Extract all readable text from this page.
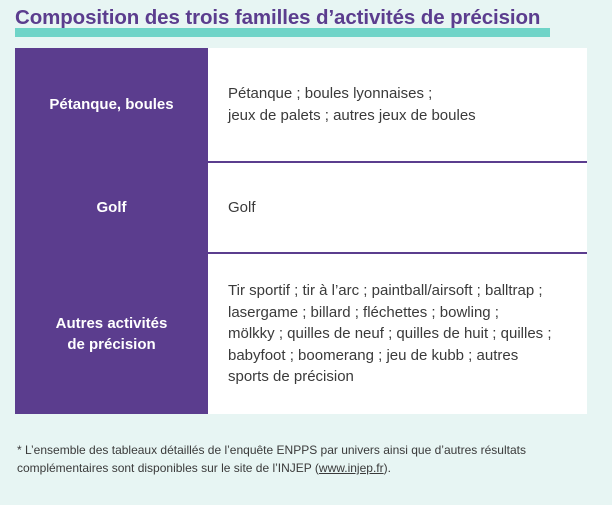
Composition des trois familles d’activités de précision
Pétanque, boules
Pétanque ; boules lyonnaises ;
jeux de palets ; autres jeux de boules
Golf	Golf
Autres activités
de précision
Tir sportif ; tir à l’arc ; paintball/airsoft ; balltrap ;
lasergame ; billard ; fléchettes ; bowling ;
mölkky ; quilles de neuf ; quilles de huit ; quilles ;
babyfoot ; boomerang ; jeu de kubb ; autres
sports de précision
* L’ensemble des tableaux détaillés de l’enquête ENPPS par univers ainsi que d’autres résultats
complémentaires sont disponibles sur le site de l’INJEP (www.injep.fr).
